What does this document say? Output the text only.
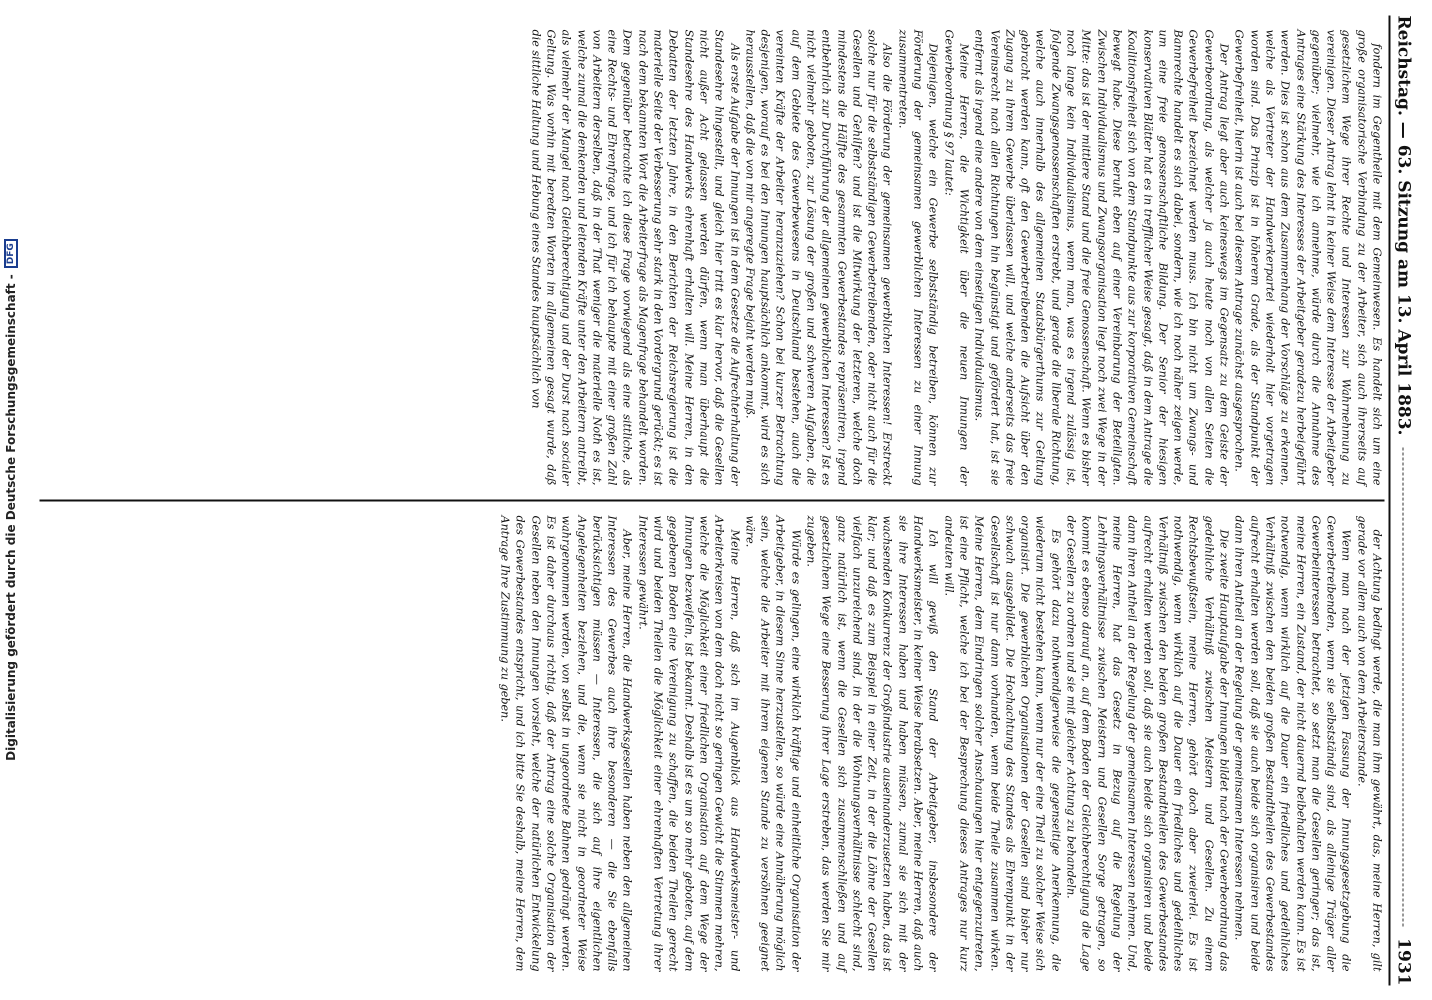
Digitalisierung gefördert durch die Deutsche Forschungsgemeinschaft -
DFG	Reichstag. — 63. Sitzung am 13. April 1883.
1931

fondern im Gegentheile mit dem Gemeinwesen. Es handelt sich um eine große organisatorische Verbindung zu der Arbeiter, sich auch ihrerseits auf gesetzlichem Wege ihrer Rechte und Interessen zur Wahrnehmung zu vereinigen. Dieser Antrag lehnt in keiner Weise dem Interesse der Arbeitgeber gegenüber; vielmehr, wie ich annehme, würde durch die Annahme des Antrages eine Stärkung des Interesses der Arbeitgeber geradezu herbeigeführt werden. Dies ist schon aus dem Zusammenhang der Vorschläge zu erkennen, welche als Vertreter der Handwerkerpartei wiederholt hier vorgetragen worden sind. Das Prinzip ist in höherem Grade, als der Standpunkt der Gewerbefreiheit, hierin ist auch bei diesem Antrage zunächst ausgesprochen.

Der Antrag liegt aber auch keineswegs im Gegensatz zu dem Geiste der Gewerbeordnung, als welcher ja auch heute noch von allen Seiten die Gewerbefreiheit bezeichnet werden muss. Ich bin nicht um Zwangs- und Bannrechte handelt es sich dabei, sondern, wie ich noch näher zeigen werde, um eine freie genossenschaftliche Bildung. Der Senior der hiesigen konservativen Blätter hat es in trefflicher Weise gesagt, daß in dem Antrage die Koalitionsfreiheit sich von dem Standpunkte aus zur korporativen Gemeinschaft bewegt habe. Diese beruht eben auf einer Vereinbarung der Beteiligten. Zwischen Individualismus und Zwangsorganisation liegt noch zwei Wege in der Mitte: das ist der mittlere Stand und die freie Genossenschaft. Wenn es bisher noch lange kein Individualismus, wenn man, was es irgend zulässig ist, folgende Zwangsgenossenschaften erstrebt, und gerade die liberale Richtung, welche auch innerhalb des allgemeinen Staatsbürgerthums zur Geltung gebracht werden kann, oft den Gewerbetreibenden die Aufsicht über den Zugang zu ihrem Gewerbe überlassen will, und welche anderseits das freie Vereinsrecht nach allen Richtungen hin begünstigt und gefördert hat, ist sie entfernt als irgend eine andere von dem einseitigen Individualismus.

Meine Herren, die Wichtigkeit über die neuen Innungen der Gewerbeordnung § 97 lautet:

Diejenigen, welche ein Gewerbe selbstständig betreiben, können zur Förderung der gemeinsamen gewerblichen Interessen zu einer Innung zusammentreten.

Also die Förderung der gemeinsamen gewerblichen Interessen! Erstreckt solche nur für die selbstständigen Gewerbetreibenden, oder nicht auch für die Gesellen und Gehilfen? und ist die Mitwirkung der letzteren, welche doch mindestens die Hälfte des gesammten Gewerbestandes repräsentiren, irgend entbehrlich zur Durchführung der allgemeinen gewerblichen Interessen? Ist es nicht vielmehr geboten, zur Lösung der großen und schweren Aufgaben, die auf dem Gebiete des Gewerbewesens in Deutschland bestehen, auch die vereinten Kräfte der Arbeiter heranzuziehen? Schon bei kurzer Betrachtung desjenigen, worauf es bei den Innungen hauptsächlich ankommt, wird es sich herausstellen, daß die von mir angeregte Frage bejaht werden muß.

Als erste Aufgabe der Innungen ist in dem Gesetze die Aufrechterhaltung der Standesehre hingestellt, und gleich hier tritt es klar hervor, daß die Gesellen nicht außer Acht gelassen werden dürfen, wenn man überhaupt die Standesehre des Handwerks ehrenhaft erhalten will. Meine Herren, in den Debatten der letzten Jahre, in den Berichten der Reichsregierung ist die materielle Seite der Verbesserung sehr stark in den Vordergrund gerückt; es ist nach dem bekannten Wort die Arbeiterfrage als Magenfrage behandelt worden. Dem gegenüber betrachte ich diese Frage vorwiegend als eine sittliche, als eine Rechts- und Ehrenfrage, und ich für ich behaupte mit einer großen Zahl von Arbeitern derselben, daß in der That weniger die materielle Noth es ist, welche zumal die denkenden und leitenden Kräfte unter den Arbeitern antreibt, als vielmehr der Mangel nach Gleichberechtigung und der Durst nach socialer Geltung. Was vorhin mit beredten Worten im allgemeinen gesagt wurde, daß die sittliche Haltung und Hebung eines Standes hauptsächlich von

der Achtung bedingt werde, die man ihm gewährt, das, meine Herren, gilt gerade vor allem auch von dem Arbeiterstande.

Wenn man nach der jetzigen Fassung der Innungsgesetzgebung die Gewerbetreibenden, wenn sie selbstständig sind, als alleinige Träger aller Gewerbeinteressen betrachtet, so setzt man die Gesellen geringer; das ist, meine Herren, ein Zustand, der nicht dauernd beibehalten werden kann. Es ist notwendig, wenn wirklich auf die Dauer ein friedliches und gedeihliches Verhältniß zwischen den beiden großen Bestandtheilen des Gewerbestandes aufrecht erhalten werden soll, daß sie auch beide sich organisiren und beide dann ihren Antheil an der Regelung der gemeinsamen Interessen nehmen.

Die zweite Hauptaufgabe der Innungen bildet nach der Gewerbeordnung das gedeihliche Verhältniß zwischen Meistern und Gesellen. Zu einem Rechtsbewußtsein, meine Herren, gehört doch aber zweierlei. Es ist nothwendig, wenn wirklich auf die Dauer ein friedliches und gedeihliches Verhältniß zwischen den beiden großen Bestandtheilen des Gewerbestandes aufrecht erhalten werden soll, daß sie auch beide sich organisiren und beide dann ihren Antheil an der Regelung der gemeinsamen Interessen nehmen. Und, meine Herren, hat das Gesetz in Bezug auf die Regelung der Lehrlingsverhältnisse zwischen Meistern und Gesellen Sorge getragen, so kommt es ebenso darauf an, auf dem Boden der Gleichberechtigung die Lage der Gesellen zu ordnen und sie mit gleicher Achtung zu behandeln.

Es gehört dazu nothwendigerweise die gegenseitige Anerkennung, die wiederum nicht bestehen kann, wenn nur der eine Theil zu solcher Weise sich organisirt. Die gewerblichen Organisationen der Gesellen sind bisher nur schwach ausgebildet. Die Hochachtung des Standes als Ehrenpunkt in der Gesellschaft ist nur dann vorhanden, wenn beide Theile zusammen wirken. Meine Herren, dem Eindringen solcher Anschauungen hier entgegenzutreten, ist eine Pflicht, welche ich bei der Besprechung dieses Antrages nur kurz andeuten will.

Ich will gewiß den Stand der Arbeitgeber, insbesondere der Handwerksmeister, in keiner Weise herabsetzen. Aber, meine Herren, daß auch sie ihre Interessen haben und haben müssen, zumal sie sich mit der wachsenden Konkurrenz der Großindustrie auseinanderzusetzen haben, das ist klar; und daß es zum Beispiel in einer Zeit, in der die Löhne der Gesellen vielfach unzureichend sind, in der die Wohnungsverhältnisse schlecht sind, ganz natürlich ist, wenn die Gesellen sich zusammenschließen und auf gesetzlichem Wege eine Besserung ihrer Lage erstreben, das werden Sie mir zugeben.

Würde es gelingen, eine wirklich kräftige und einheitliche Organisation der Arbeitgeber, in diesem Sinne herzustellen, so würde eine Annäherung möglich sein, welche die Arbeiter mit ihrem eigenen Stande zu versöhnen geeignet wäre.

Meine Herren, daß sich im Augenblick aus Handwerksmeister- und Arbeiterkreisen von dem doch nicht so geringen Gewicht die Stimmen mehren, welche die Möglichkeit einer friedlichen Organisation auf dem Wege der Innungen bezweifeln, ist bekannt. Deshalb ist es um so mehr geboten, auf dem gegebenen Boden eine Vereinigung zu schaffen, die beiden Theilen gerecht wird und beiden Theilen die Möglichkeit einer ehrenhaften Vertretung ihrer Interessen gewährt.

Aber, meine Herren, die Handwerksgesellen haben neben den allgemeinen Interessen des Gewerbes auch ihre besonderen — die Sie ebenfalls berücksichtigen müssen — Interessen, die sich auf ihre eigentlichen Angelegenheiten beziehen, und die, wenn sie nicht in geordneter Weise wahrgenommen werden, von selbst in ungeordnete Bahnen gedrängt werden. Es ist daher durchaus richtig, daß der Antrag eine solche Organisation der Gesellen neben den Innungen vorsieht, welche der natürlichen Entwickelung des Gewerbestandes entspricht, und ich bitte Sie deshalb, meine Herren, dem Antrage Ihre Zustimmung zu geben.
